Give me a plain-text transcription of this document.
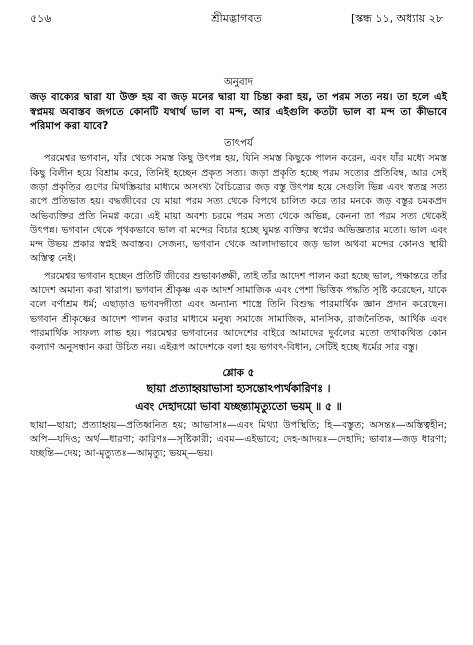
৫১৬	শ্রীমদ্ভাগবত	[স্কন্ধ ১১, অধ্যায় ২৮
অনুবাদ
জড় বাক্যের দ্বারা যা উক্ত হয় বা জড় মনের দ্বারা যা চিন্তা করা হয়, তা পরম সত্য নয়। তা হলে এই স্বপ্নময় অবাস্তব জগতে কোনটি যথার্থ ভাল বা মন্দ, আর এইগুলি কতটা ভাল বা মন্দ তা কীভাবে পরিমাপ করা যাবে?
তাৎপর্য

পরমেশ্বর ভগবান, যাঁর থেকে সমস্ত কিছু উৎপন্ন হয়, যিনি সমস্ত কিছুকে পালন করেন, এবং যাঁর মধ্যে সমস্ত কিছু বিলীন হয়ে বিশ্রাম করে, তিনিই হচ্ছেন প্রকৃত সত্য। জড়া প্রকৃতি হচ্ছে পরম সত্যের প্রতিবিম্ব, আর সেই জড়া প্রকৃতির গুণের মিথস্ক্রিয়ার মাধ্যমে অসংখ্য বৈচিত্র্যের জড় বস্তু উৎপন্ন হয়ে সেগুলি ভিন্ন এবং স্বতন্ত্র সত্য রূপে প্রতিভাত হয়। বদ্ধজীবের যে মায়া পরম সত্য থেকে বিপথে চালিত করে তার মনকে জড় বস্তুর চমকপ্রদ অভিব্যক্তির প্রতি নিমগ্ন করে। এই মায়া অবশ্য চরমে পরম সত্য থেকে অভিন্ন, কেননা তা পরম সত্য থেকেই উৎপন্ন। ভগবান থেকে পৃথকভাবে ভাল বা মন্দের বিচার হচ্ছে ঘুমন্ত ব্যক্তির স্বপ্নের অভিজ্ঞতার মতো। ভাল এবং মন্দ উভয় প্রকার স্বপ্নই অবাস্তব। সেজন্য, ভগবান থেকে আলাদাভাবে জড় ভাল অথবা মন্দের কোনও স্থায়ী অস্তিত্ব নেই।

পরমেশ্বর ভগবান হচ্ছেন প্রতিটি জীবের শুভাকাঙ্ক্ষী, তাই তাঁর আদেশ পালন করা হচ্ছে ভাল, পক্ষান্তরে তাঁর আদেশ অমান্য করা খারাপ। ভগবান শ্রীকৃষ্ণ এক আদর্শ সামাজিক এবং পেশা ভিত্তিক পদ্ধতি সৃষ্টি করেছেন, যাকে বলে বর্ণাশ্রম ধর্ম; এছাড়াও ভগবদ্গীতা এবং অন্যান্য শাস্ত্রে তিনি বিশুদ্ধ পারমার্থিক জ্ঞান প্রদান করেছেন। ভগবান শ্রীকৃষ্ণের আদেশ পালন করার মাধ্যমে মনুষ্য সমাজে সামাজিক, মানসিক, রাজনৈতিক, আর্থিক এবং পারমার্থিক সাফল্য লাভ হয়। পরমেশ্বর ভগবানের আদেশের বাইরে আমাদের দুর্বলের মতো তথাকথিত কোন কল্যাণ অনুসন্ধান করা উচিত নয়। এইরূপ আদেশকে বলা হয় ভগবৎ-বিধান, সেটিই হচ্ছে ধর্মের সার বস্তু।

শ্লোক ৫
ছায়া প্রত্যাহ্বয়াভাসা হ্যসন্তোঽপ্যর্থকারিণঃ ।
এবং দেহাদয়ো ভাবা যচ্ছন্ত্যামৃত্যুতো ভয়ম্ ॥ ৫ ॥
ছায়া—ছায়া; প্রত্যাহ্বয়—প্রতিধ্বনিত হয়; আভাসাঃ—এবং মিথ্যা উপস্থিতি; হি—বস্তুত; অসন্তঃ—অস্তিত্বহীন; অপি—যদিও; অর্থ—ধারণা; কারিণঃ—সৃষ্টিকারী; এবম—এইভাবে; দেহ-আদয়ঃ—দেহাদি; ভাবাঃ—জড় ধারণা; যচ্ছন্তি—দেয়; আ-মৃত্যুতঃ—আমৃত্যু; ভয়ম্—ভয়।
